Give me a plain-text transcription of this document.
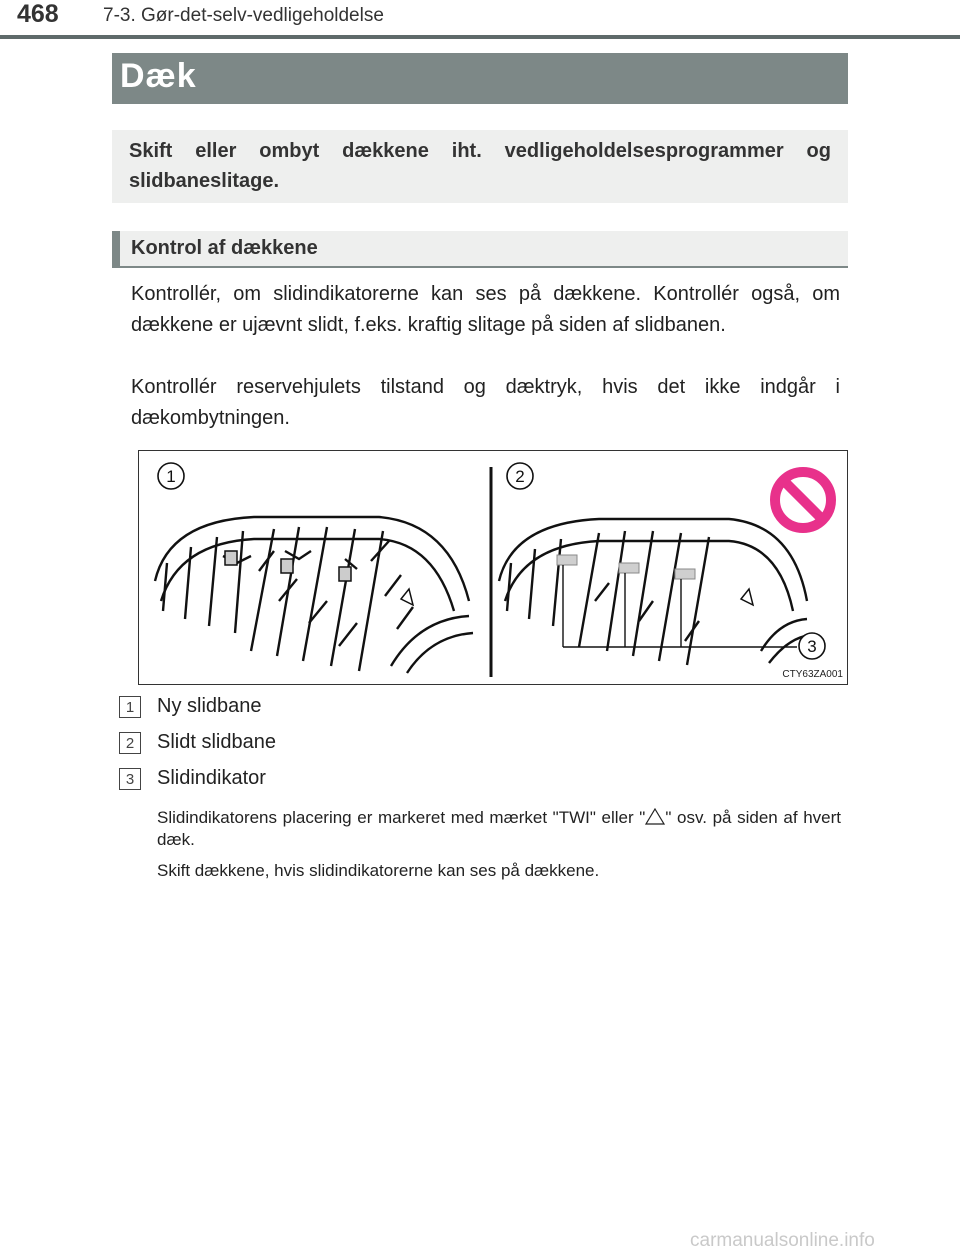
468 7-3. Gør-det-selv-vedligeholdelse
Dæk
Skift eller ombyt dækkene iht. vedligeholdelsesprogrammer og slidbaneslitage.
Kontrol af dækkene
Kontrollér, om slidindikatorerne kan ses på dækkene. Kontrollér også, om dækkene er ujævnt slidt, f.eks. kraftig slitage på siden af slidbanen.
Kontrollér reservehjulets tilstand og dæktryk, hvis det ikke indgår i dækombytningen.
1	2
3
CTY63ZA001
1	Ny slidbane
2	Slidt slidbane
3	Slidindikator
Slidindikatorens placering er markeret med mærket "TWI" eller " " osv. på siden af hvert dæk.
Skift dækkene, hvis slidindikatorerne kan ses på dækkene.
carmanualsonline.info
